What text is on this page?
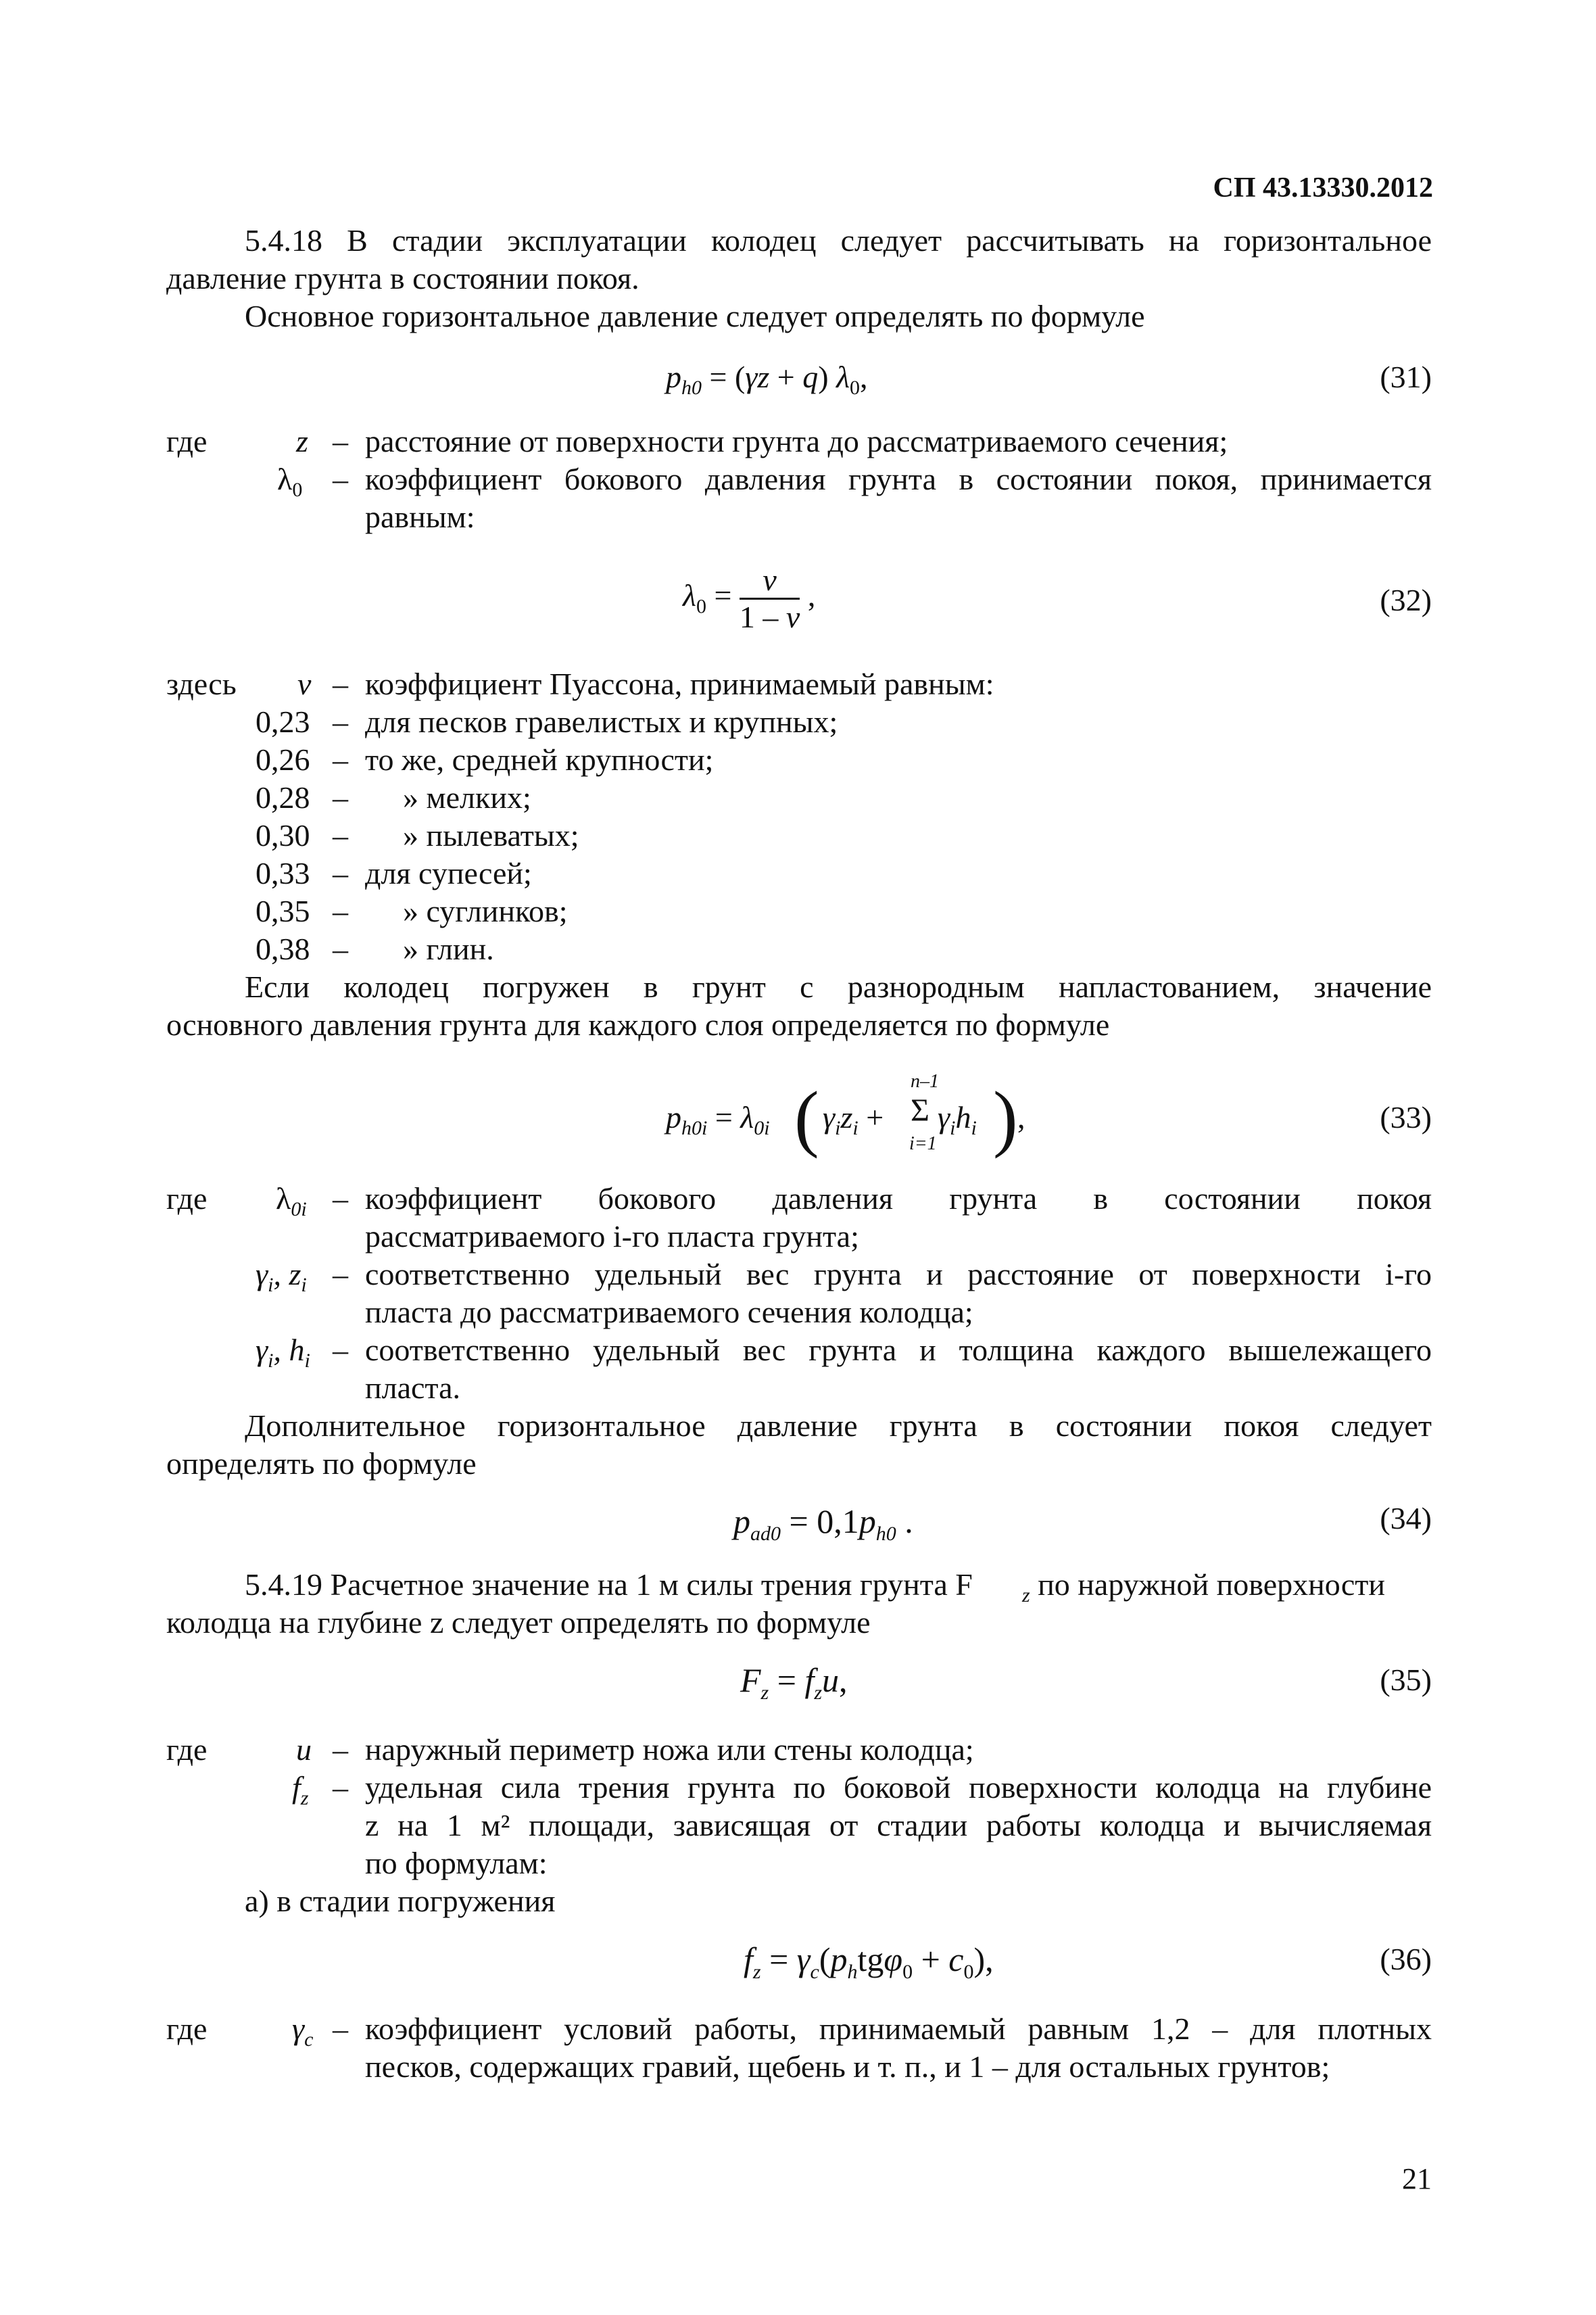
СП 43.13330.2012
5.4.18 В стадии эксплуатации колодец следует рассчитывать на горизонтальное
давление грунта в состоянии покоя.
Основное горизонтальное давление следует определять по формуле
$p_{h0} = (\gamma z + q)$ $\lambda_0$,	(31)
где	z – расстояние от поверхности грунта до рассматриваемого сечения;
$\lambda_0$ – коэффициент бокового давления грунта в состоянии покоя, принимается
равным:
$\lambda_0 = \frac{\nu}{1 - \nu}$ ,	(32)
здесь ν – коэффициент Пуассона, принимаемый равным:
0,23 – для песков гравелистых и крупных;
0,26 – то же, средней крупности;
0,28 – » мелких;
0,30 – » пылеватых;
0,33 – для супесей;
0,35 – » суглинков;
0,38 – » глин.
Если колодец погружен в грунт с разнородным напластованием, значение
основного давления грунта для каждого слоя определяется по формуле
$p_{h0i} = \lambda_{0i}$ ( $\gamma_iz_i$ +
n–1
Σ
i=1
$\gamma_ih_i$ ) ,	(33)
где $\lambda_{0i}$ – коэффициент бокового давления грунта в состоянии покоя
рассматриваемого i-го пласта грунта;
$\gamma_i$, $z_i$ – соответственно удельный вес грунта и расстояние от поверхности i-го
пласта до рассматриваемого сечения колодца;
$\gamma_i$, $h_i$ – соответственно удельный вес грунта и толщина каждого вышележащего
пласта.
Дополнительное горизонтальное давление грунта в состоянии покоя следует
определять по формуле
$p_{ad0} = 0,1p_{h0}$ .	(34)
5.4.19 Расчетное значение на 1 м силы трения грунта F $_z$ по наружной поверхности
колодца на глубине z следует определять по формуле
$F_z = f_zu$,	(35)
где	u – наружный периметр ножа или стены колодца;
$f_z$ – удельная сила трения грунта по боковой поверхности колодца на глубине
z на 1 м² площади, зависящая от стадии работы колодца и вычисляемая
по формулам:
а) в стадии погружения
$f_z = \gamma_c(p_htg\varphi_0 + c_0)$,	(36)
где	$\gamma_c$ – коэффициент условий работы, принимаемый равным 1,2 – для плотных
песков, содержащих гравий, щебень и т. п., и 1 – для остальных грунтов;
21
